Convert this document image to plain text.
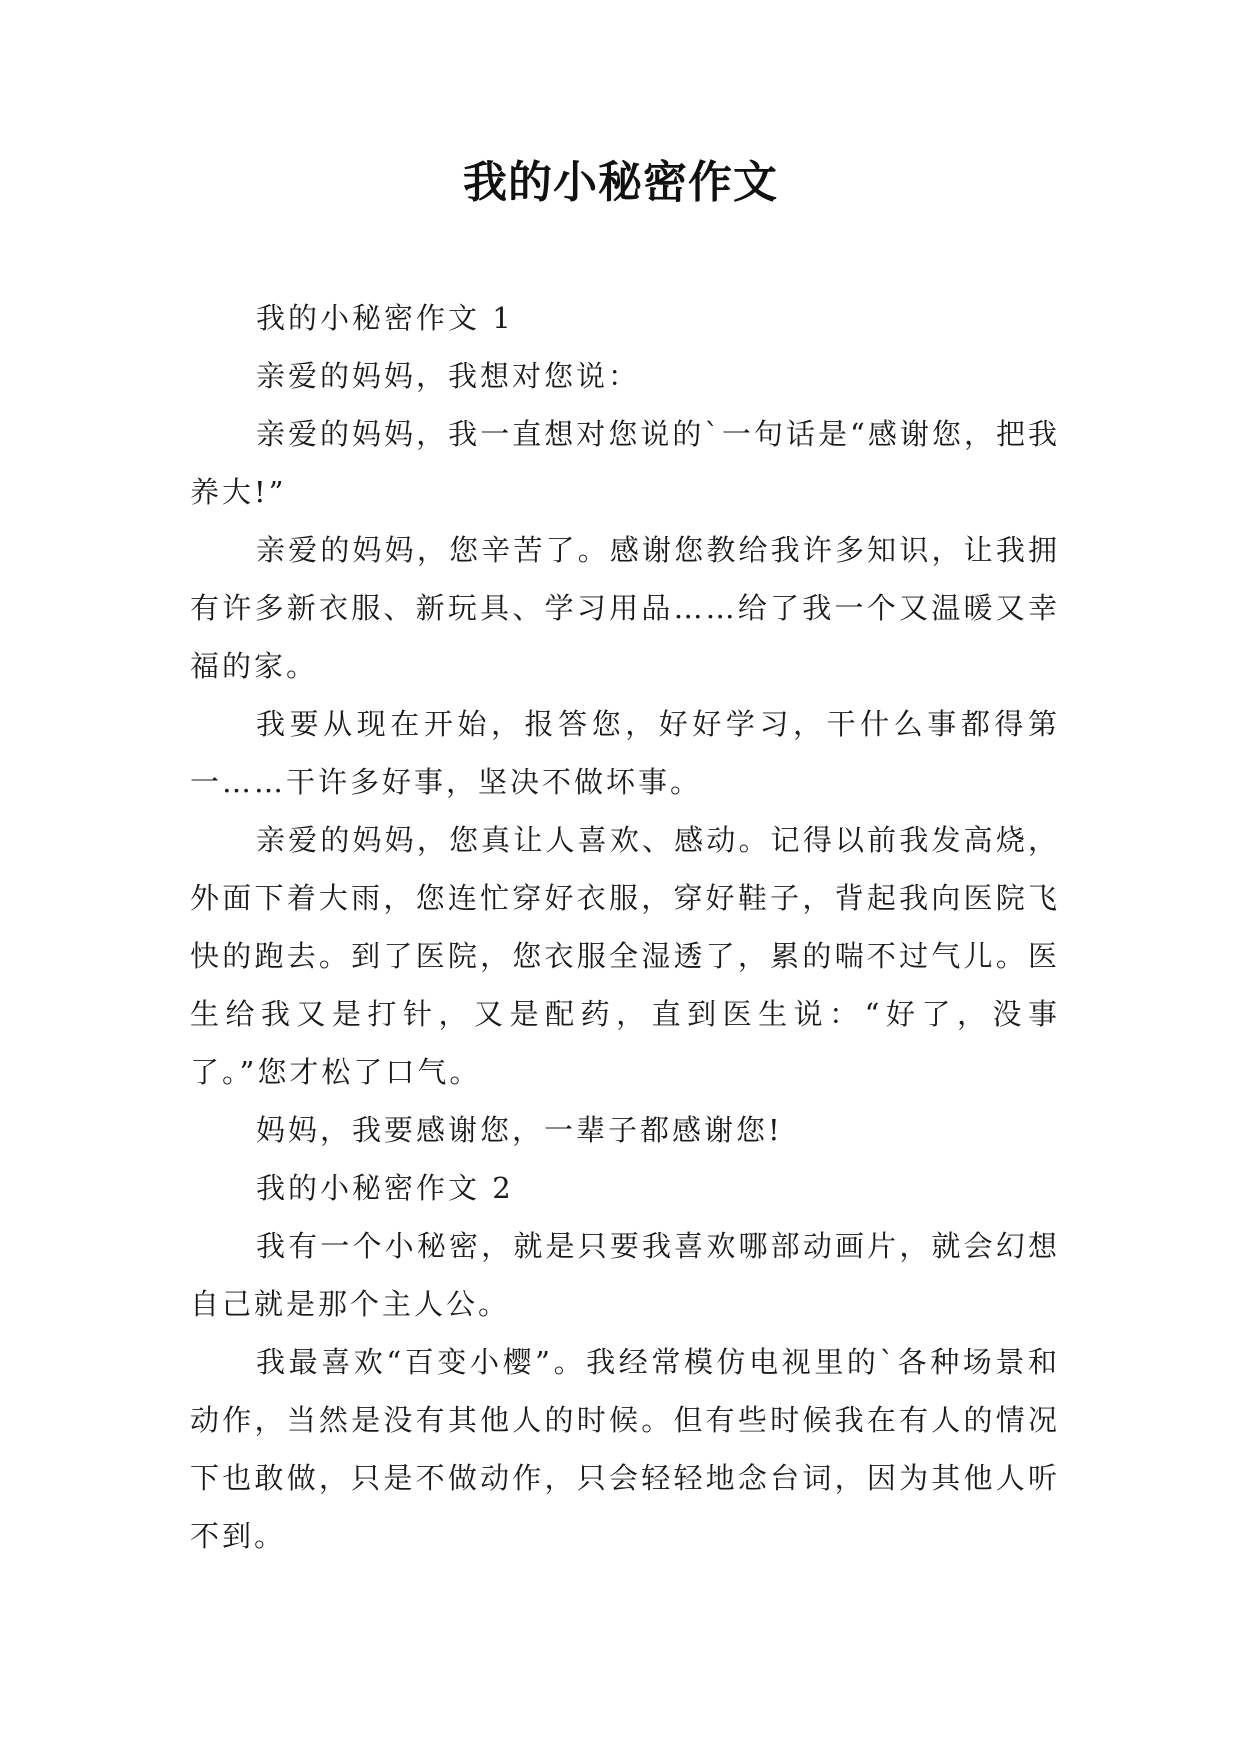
我的小秘密作文

我的小秘密作文 1

亲爱的妈妈，我想对您说：

亲爱的妈妈，我一直想对您说的`一句话是“感谢您，把我养大!”

亲爱的妈妈，您辛苦了。感谢您教给我许多知识，让我拥有许多新衣服、新玩具、学习用品……给了我一个又温暖又幸福的家。

我要从现在开始，报答您，好好学习，干什么事都得第一……干许多好事，坚决不做坏事。

亲爱的妈妈，您真让人喜欢、感动。记得以前我发高烧，外面下着大雨，您连忙穿好衣服，穿好鞋子，背起我向医院飞快的跑去。到了医院，您衣服全湿透了，累的喘不过气儿。医生给我又是打针，又是配药，直到医生说：“好了，没事了。”您才松了口气。

妈妈，我要感谢您，一辈子都感谢您!

我的小秘密作文 2

我有一个小秘密，就是只要我喜欢哪部动画片，就会幻想自己就是那个主人公。

我最喜欢“百变小樱”。我经常模仿电视里的`各种场景和动作，当然是没有其他人的时候。但有些时候我在有人的情况下也敢做，只是不做动作，只会轻轻地念台词，因为其他人听不到。
